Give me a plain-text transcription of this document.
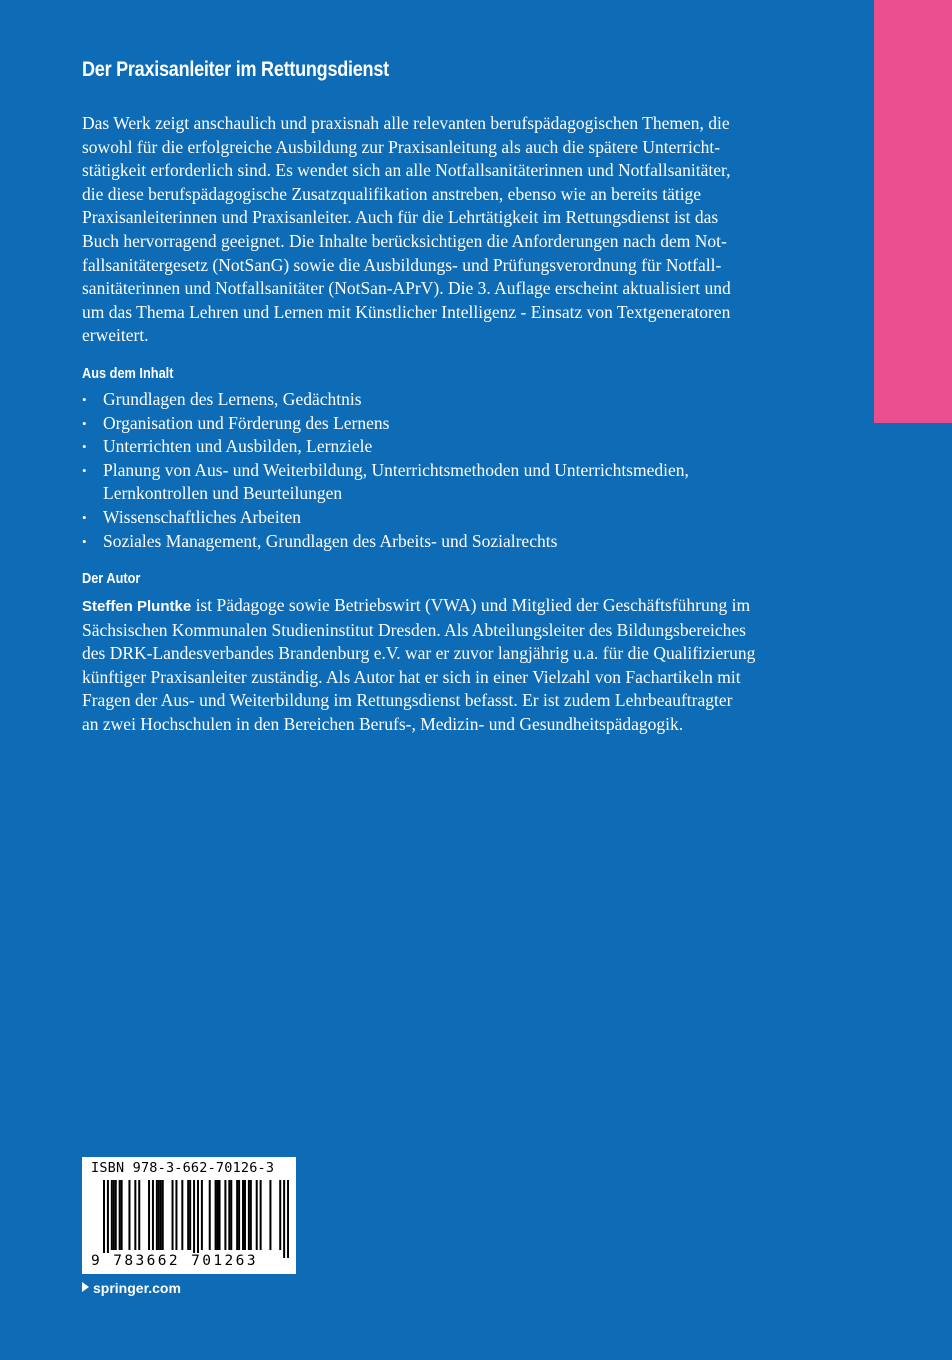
Der Praxisanleiter im Rettungsdienst
Das Werk zeigt anschaulich und praxisnah alle relevanten berufspädagogischen Themen, die
sowohl für die erfolgreiche Ausbildung zur Praxisanleitung als auch die spätere Unterricht-
stätigkeit erforderlich sind. Es wendet sich an alle Notfallsanitäterinnen und Notfallsanitäter,
die diese berufspädagogische Zusatzqualifikation anstreben, ebenso wie an bereits tätige
Praxisanleiterinnen und Praxisanleiter. Auch für die Lehrtätigkeit im Rettungsdienst ist das
Buch hervorragend geeignet. Die Inhalte berücksichtigen die Anforderungen nach dem Not-
fallsanitätergesetz (NotSanG) sowie die Ausbildungs- und Prüfungsverordnung für Notfall-
sanitäterinnen und Notfallsanitäter (NotSan-APrV). Die 3. Auflage erscheint aktualisiert und
um das Thema Lehren und Lernen mit Künstlicher Intelligenz - Einsatz von Textgeneratoren
erweitert.
Aus dem Inhalt
• Grundlagen des Lernens, Gedächtnis
• Organisation und Förderung des Lernens
• Unterrichten und Ausbilden, Lernziele
• Planung von Aus- und Weiterbildung, Unterrichtsmethoden und Unterrichtsmedien,
Lernkontrollen und Beurteilungen
• Wissenschaftliches Arbeiten
• Soziales Management, Grundlagen des Arbeits- und Sozialrechts
Der Autor
Steffen Pluntke ist Pädagoge sowie Betriebswirt (VWA) und Mitglied der Geschäftsführung im
Sächsischen Kommunalen Studieninstitut Dresden. Als Abteilungsleiter des Bildungsbereiches
des DRK-Landesverbandes Brandenburg e.V. war er zuvor langjährig u.a. für die Qualifizierung
künftiger Praxisanleiter zuständig. Als Autor hat er sich in einer Vielzahl von Fachartikeln mit
Fragen der Aus- und Weiterbildung im Rettungsdienst befasst. Er ist zudem Lehrbeauftragter
an zwei Hochschulen in den Bereichen Berufs-, Medizin- und Gesundheitspädagogik.
ISBN 978-3-662-70126-3
9 783662 701263
springer.com
